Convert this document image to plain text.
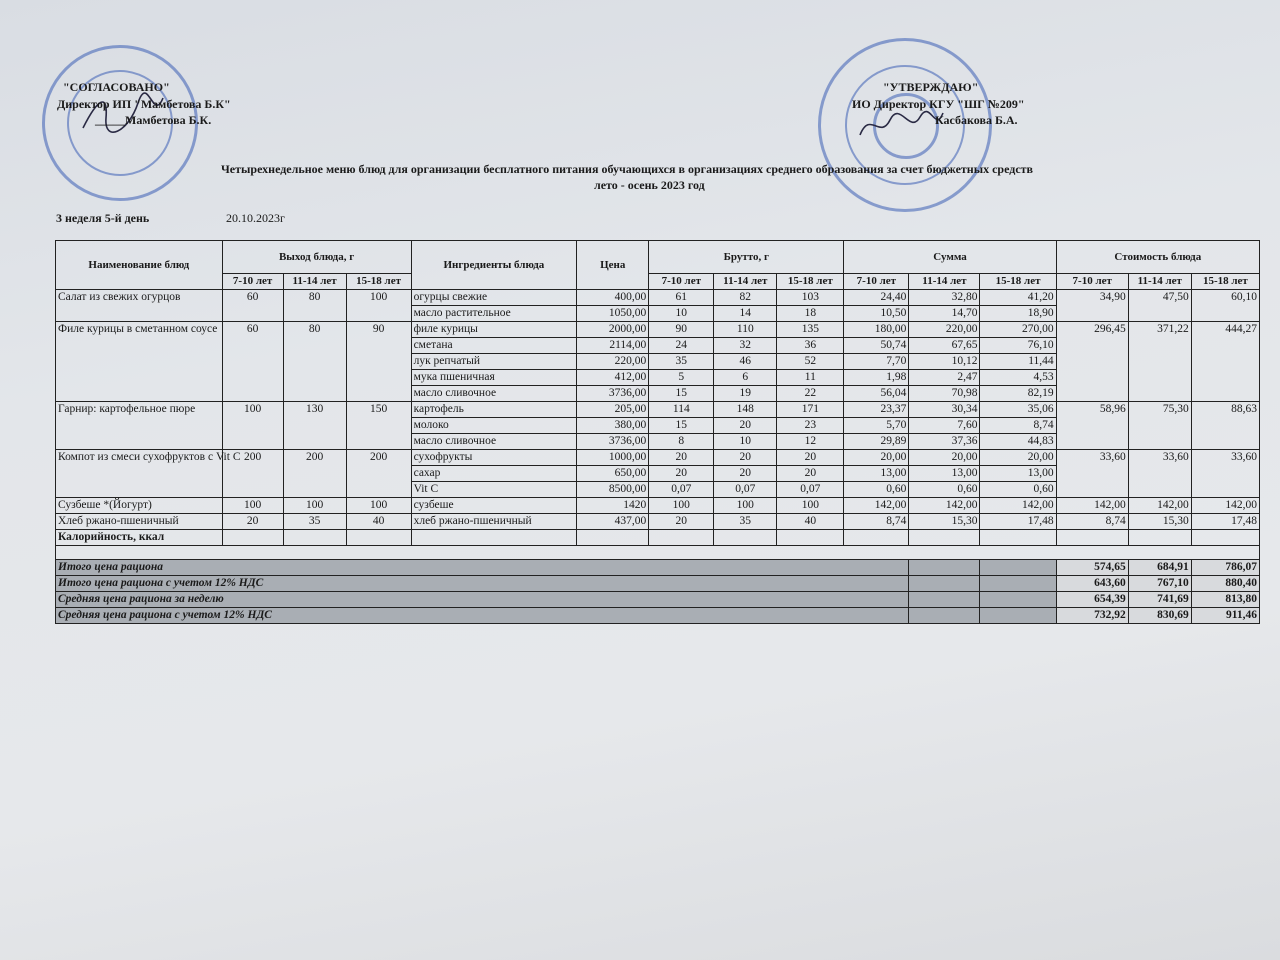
"СОГЛАСОВАНО"
Директор ИП "Мамбетова Б.К"
_____Мамбетова Б.К.
"УТВЕРЖДАЮ"
ИО Директор КГУ "ШГ №209"
Касбакова Б.А.
Четырехнедельное меню блюд для организации бесплатного питания обучающихся в организациях среднего образования за счет бюджетных средств
лето - осень 2023 год
3 неделя 5-й день	20.10.2023г
Наименование блюд	Выход блюда, г			Ингредиенты блюда	Цена	Брутто, г			Сумма			Стоимость блюда		
	7-10 лет	11-14 лет	15-18 лет			7-10 лет	11-14 лет	15-18 лет	7-10 лет	11-14 лет	15-18 лет	7-10 лет	11-14 лет	15-18 лет
Салат из свежих огурцов	60	80	100	огурцы свежие	400,00	61	82	103	24,40	32,80	41,20	34,90	47,50	60,10
				масло растительное	1050,00	10	14	18	10,50	14,70	18,90			
Филе курицы в сметанном соусе	60	80	90	филе курицы	2000,00	90	110	135	180,00	220,00	270,00	296,45	371,22	444,27
				сметана	2114,00	24	32	36	50,74	67,65	76,10			
				лук репчатый	220,00	35	46	52	7,70	10,12	11,44			
				мука пшеничная	412,00	5	6	11	1,98	2,47	4,53			
				масло сливочное	3736,00	15	19	22	56,04	70,98	82,19			
Гарнир: картофельное пюре	100	130	150	картофель	205,00	114	148	171	23,37	30,34	35,06	58,96	75,30	88,63
				молоко	380,00	15	20	23	5,70	7,60	8,74			
				масло сливочное	3736,00	8	10	12	29,89	37,36	44,83			
Компот из смеси сухофруктов с Vit C	200	200	200	сухофрукты	1000,00	20	20	20	20,00	20,00	20,00	33,60	33,60	33,60
				сахар	650,00	20	20	20	13,00	13,00	13,00			
				Vit C	8500,00	0,07	0,07	0,07	0,60	0,60	0,60			
Сузбеше *(Йогурт)	100	100	100	сузбеше	1420	100	100	100	142,00	142,00	142,00	142,00	142,00	142,00
Хлеб ржано-пшеничный	20	35	40	хлеб ржано-пшеничный	437,00	20	35	40	8,74	15,30	17,48	8,74	15,30	17,48
Калорийность, ккал														

Итого цена рациона												574,65	684,91	786,07
Итого цена рациона с учетом 12% НДС												643,60	767,10	880,40
Средняя цена рациона за неделю												654,39	741,69	813,80
Средняя цена рациона с учетом 12% НДС												732,92	830,69	911,46
